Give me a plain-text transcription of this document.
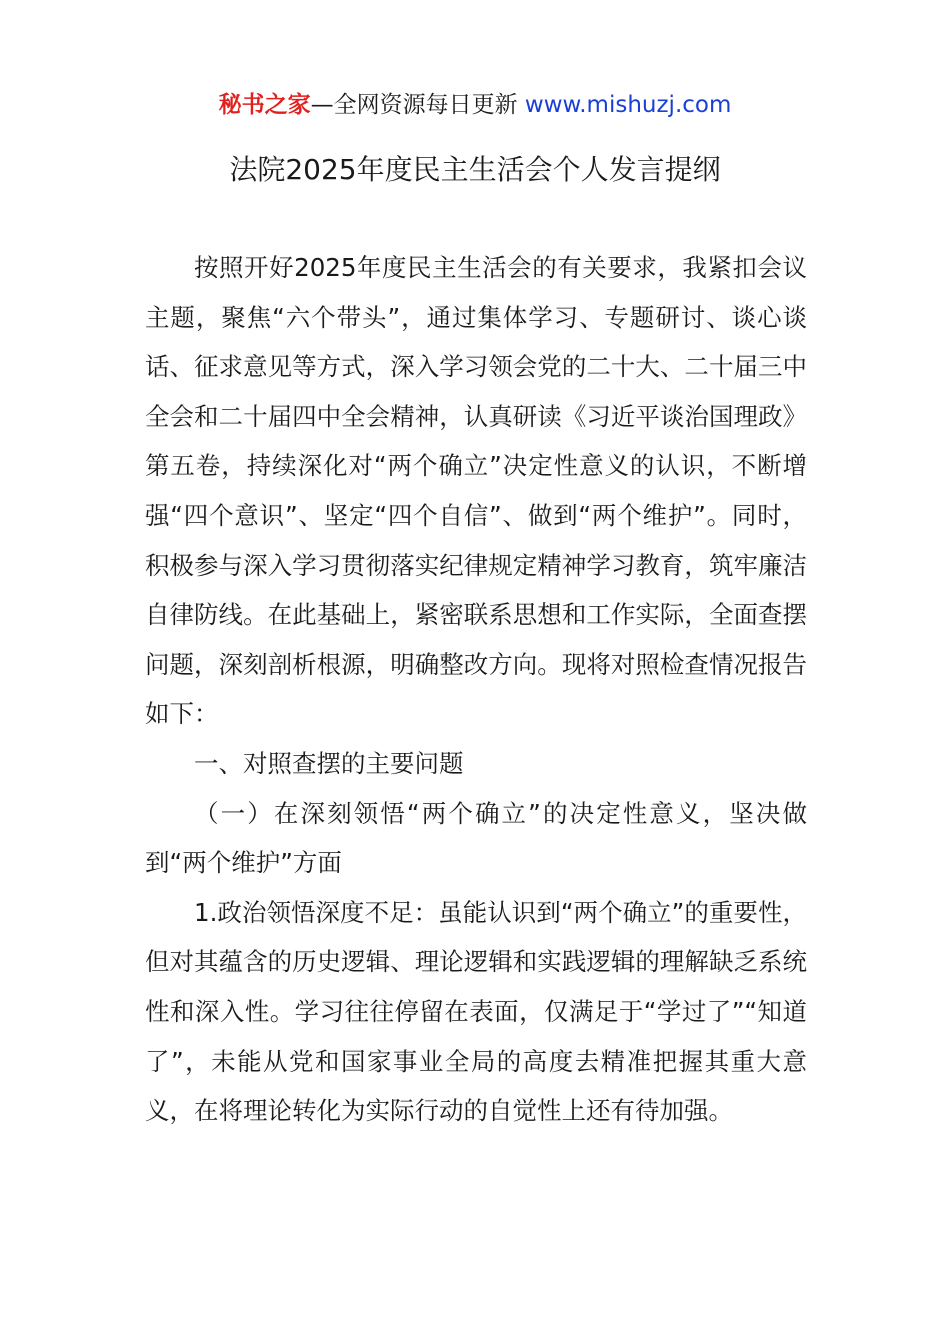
秘书之家—全网资源每日更新 www.mishuzj.com
法院2025年度民主生活会个人发言提纲

按照开好2025年度民主生活会的有关要求，我紧扣会议主题，聚焦“六个带头”，通过集体学习、专题研讨、谈心谈话、征求意见等方式，深入学习领会党的二十大、二十届三中全会和二十届四中全会精神，认真研读《习近平谈治国理政》第五卷，持续深化对“两个确立”决定性意义的认识，不断增强“四个意识”、坚定“四个自信”、做到“两个维护”。同时，积极参与深入学习贯彻落实纪律规定精神学习教育，筑牢廉洁自律防线。在此基础上，紧密联系思想和工作实际，全面查摆问题，深刻剖析根源，明确整改方向。现将对照检查情况报告如下：

一、对照查摆的主要问题

（一）在深刻领悟“两个确立”的决定性意义，坚决做到“两个维护”方面

1.政治领悟深度不足：虽能认识到“两个确立”的重要性，但对其蕴含的历史逻辑、理论逻辑和实践逻辑的理解缺乏系统性和深入性。学习往往停留在表面，仅满足于“学过了”“知道了”，未能从党和国家事业全局的高度去精准把握其重大意义，在将理论转化为实际行动的自觉性上还有待加强。
